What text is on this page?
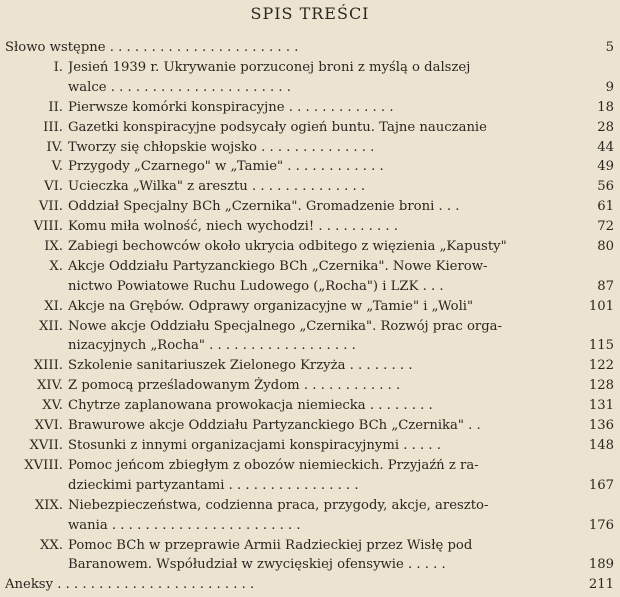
SPIS TREŚCI
Słowo wstępne . . . . . . . . . . . . . . . . . . . . . . .	5
I. Jesień 1939 r. Ukrywanie porzuconej broni z myślą o dalszej
walce . . . . . . . . . . . . . . . . . . . . . .	9
II. Pierwsze komórki konspiracyjne . . . . . . . . . . . . .	18
III. Gazetki konspiracyjne podsycały ogień buntu. Tajne nauczanie	28
IV. Tworzy się chłopskie wojsko . . . . . . . . . . . . . .	44
V. Przygody „Czarnego" w „Tamie" . . . . . . . . . . . .	49
VI. Ucieczka „Wilka" z aresztu . . . . . . . . . . . . . .	56
VII. Oddział Specjalny BCh „Czernika". Gromadzenie broni . . .	61
VIII. Komu miła wolność, niech wychodzi! . . . . . . . . . .	72
IX. Zabiegi bechowców około ukrycia odbitego z więzienia „Kapusty"	80
X. Akcje Oddziału Partyzanckiego BCh „Czernika". Nowe Kierow-
nictwo Powiatowe Ruchu Ludowego („Rocha") i LZK . . .	87
XI. Akcje na Grębów. Odprawy organizacyjne w „Tamie" i „Woli"	101
XII. Nowe akcje Oddziału Specjalnego „Czernika". Rozwój prac orga-
nizacyjnych „Rocha" . . . . . . . . . . . . . . . . . .	115
XIII. Szkolenie sanitariuszek Zielonego Krzyża . . . . . . . .	122
XIV. Z pomocą prześladowanym Żydom . . . . . . . . . . . .	128
XV. Chytrze zaplanowana prowokacja niemiecka . . . . . . . .	131
XVI. Brawurowe akcje Oddziału Partyzanckiego BCh „Czernika" . .	136
XVII. Stosunki z innymi organizacjami konspiracyjnymi . . . . .	148
XVIII. Pomoc jeńcom zbiegłym z obozów niemieckich. Przyjaźń z ra-
dzieckimi partyzantami . . . . . . . . . . . . . . . .	167
XIX. Niebezpieczeństwa, codzienna praca, przygody, akcje, areszto-
wania . . . . . . . . . . . . . . . . . . . . . . .	176
XX. Pomoc BCh w przeprawie Armii Radzieckiej przez Wisłę pod
Baranowem. Współudział w zwycięskiej ofensywie . . . . .	189
Aneksy . . . . . . . . . . . . . . . . . . . . . . . .	211
